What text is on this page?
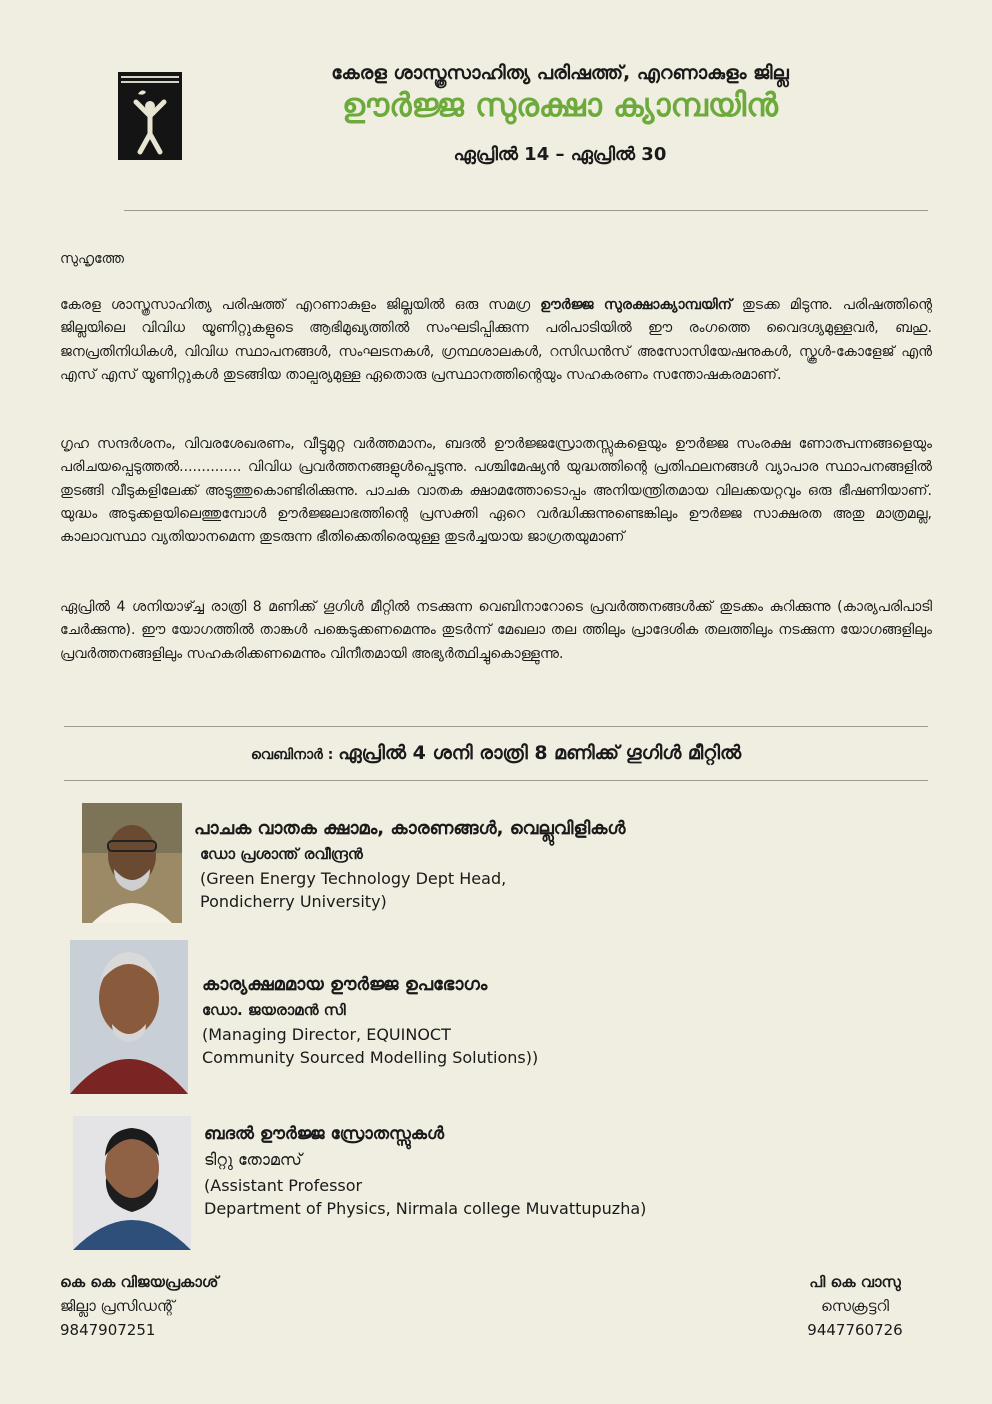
കേരള ശാസ്ത്രസാഹിത്യ പരിഷത്ത്, എറണാകുളം ജില്ല
ഊർജ്ജ സുരക്ഷാ ക്യാമ്പയിൻ
ഏപ്രിൽ 14 – ഏപ്രിൽ 30
സുഹൃത്തേ
കേരള ശാസ്ത്രസാഹിത്യ പരിഷത്ത് എറണാകുളം ജില്ലയിൽ ഒരു സമഗ്ര ഊർജ്ജ സുരക്ഷാക്യാമ്പയിന് തുടക്ക മിടുന്നു. പരിഷത്തിന്റെ ജില്ലയിലെ വിവിധ യൂണിറ്റുകളുടെ ആഭിമുഖ്യത്തിൽ സംഘടിപ്പിക്കുന്ന പരിപാടിയിൽ ഈ രംഗത്തെ വൈദഗ്ദ്യമുള്ളവർ, ബഹു. ജനപ്രതിനിധികൾ, വിവിധ സ്ഥാപനങ്ങൾ, സംഘടനകൾ, ഗ്രന്ഥശാലകൾ, റസിഡൻസ് അസോസിയേഷനുകൾ, സ്കൂൾ-കോളേജ് എൻ എസ് എസ് യൂണിറ്റുകൾ തുടങ്ങിയ താല്പര്യമുള്ള ഏതൊരു പ്രസ്ഥാനത്തിന്റെയും സഹകരണം സന്തോഷകരമാണ്.
ഗൃഹ സന്ദർശനം, വിവരശേഖരണം, വീട്ടുമുറ്റ വർത്തമാനം, ബദൽ ഊർജ്ജസ്രോതസ്സുകളെയും ഊർജ്ജ സംരക്ഷ ണോത്പന്നങ്ങളെയും പരിചയപ്പെടുത്തൽ.............. വിവിധ പ്രവർത്തനങ്ങളുൾപ്പെടുന്നു. പശ്ചിമേഷ്യൻ യുദ്ധത്തിന്റെ പ്രതിഫലനങ്ങൾ വ്യാപാര സ്ഥാപനങ്ങളിൽ തുടങ്ങി വീടുകളിലേക്ക് അടുത്തുകൊണ്ടിരിക്കുന്നു. പാചക വാതക ക്ഷാമത്തോടൊപ്പം അനിയന്ത്രിതമായ വിലക്കയറ്റവും ഒരു ഭീഷണിയാണ്. യുദ്ധം അടുക്കളയിലെത്തുമ്പോൾ ഊർജ്ജലാഭത്തിന്റെ പ്രസക്തി ഏറെ വർദ്ധിക്കുന്നുണ്ടെങ്കിലും ഊർജ്ജ സാക്ഷരത അതു മാത്രമല്ല, കാലാവസ്ഥാ വ്യതിയാനമെന്ന തുടരുന്ന ഭീതിക്കെതിരെയുള്ള തുടർച്ചയായ ജാഗ്രതയുമാണ്
ഏപ്രിൽ 4 ശനിയാഴ്ച്ച രാത്രി 8 മണിക്ക് ഗൂഗിൾ മീറ്റിൽ നടക്കുന്ന വെബിനാറോടെ പ്രവർത്തനങ്ങൾക്ക് തുടക്കം കുറിക്കുന്നു (കാര്യപരിപാടി ചേർക്കുന്നു). ഈ യോഗത്തിൽ താങ്കൾ പങ്കെടുക്കണമെന്നും തുടർന്ന് മേഖലാ തല ത്തിലും പ്രാദേശിക തലത്തിലും നടക്കുന്ന യോഗങ്ങളിലും പ്രവർത്തനങ്ങളിലും സഹകരിക്കണമെന്നും വിനീതമായി അഭ്യർത്ഥിച്ചുകൊള്ളുന്നു.
വെബിനാർ : ഏപ്രിൽ 4 ശനി രാത്രി 8 മണിക്ക് ഗൂഗിൾ മീറ്റിൽ
പാചക വാതക ക്ഷാമം, കാരണങ്ങൾ, വെല്ലുവിളികൾ
ഡോ പ്രശാന്ത് രവീന്ദ്രൻ
(Green Energy Technology Dept Head,
Pondicherry University)
കാര്യക്ഷമമായ ഊർജ്ജ ഉപഭോഗം
ഡോ. ജയരാമൻ സി
(Managing Director, EQUINOCT
Community Sourced Modelling Solutions))
ബദൽ ഊർജ്ജ സ്രോതസ്സുകൾ
ടിറ്റു തോമസ്
(Assistant Professor
Department of Physics, Nirmala college Muvattupuzha)
കെ കെ വിജയപ്രകാശ്
ജില്ലാ പ്രസിഡന്റ്
9847907251
പി കെ വാസു
സെക്രട്ടറി
9447760726
